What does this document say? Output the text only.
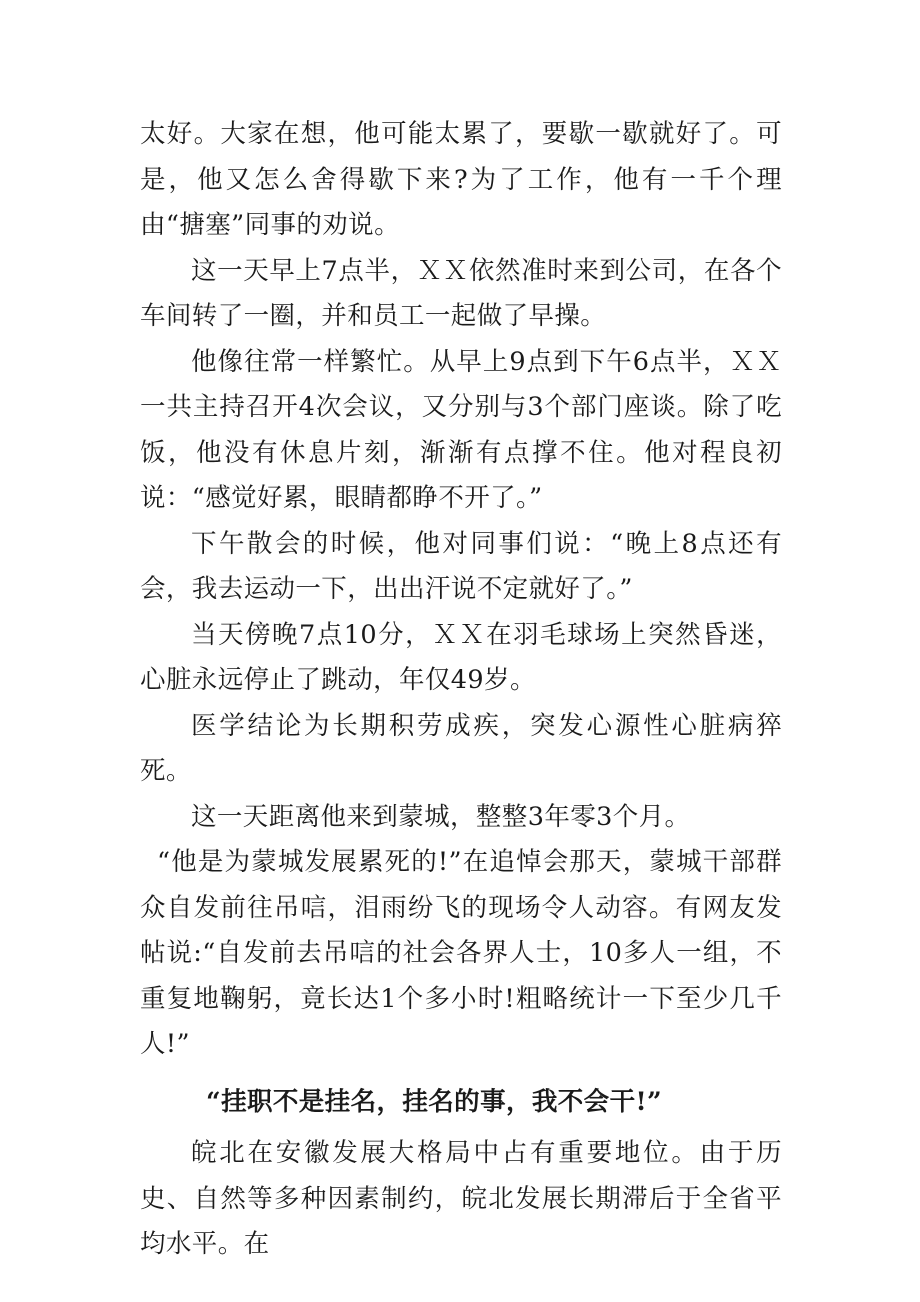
太好。大家在想，他可能太累了，要歇一歇就好了。可是，他又怎么舍得歇下来?为了工作，他有一千个理由“搪塞”同事的劝说。

这一天早上7点半，ＸＸ依然准时来到公司，在各个车间转了一圈，并和员工一起做了早操。

他像往常一样繁忙。从早上9点到下午6点半，ＸＸ一共主持召开4次会议，又分别与3个部门座谈。除了吃饭，他没有休息片刻，渐渐有点撑不住。他对程良初说：“感觉好累，眼睛都睁不开了。”

下午散会的时候，他对同事们说：“晚上8点还有会，我去运动一下，出出汗说不定就好了。”

当天傍晚7点10分，ＸＸ在羽毛球场上突然昏迷，心脏永远停止了跳动，年仅49岁。

医学结论为长期积劳成疾，突发心源性心脏病猝死。

这一天距离他来到蒙城，整整3年零3个月。

“他是为蒙城发展累死的!”在追悼会那天，蒙城干部群众自发前往吊唁，泪雨纷飞的现场令人动容。有网友发帖说:“自发前去吊唁的社会各界人士，10多人一组，不重复地鞠躬，竟长达1个多小时!粗略统计一下至少几千人!”

“挂职不是挂名，挂名的事，我不会干!”

皖北在安徽发展大格局中占有重要地位。由于历史、自然等多种因素制约，皖北发展长期滞后于全省平均水平。在
